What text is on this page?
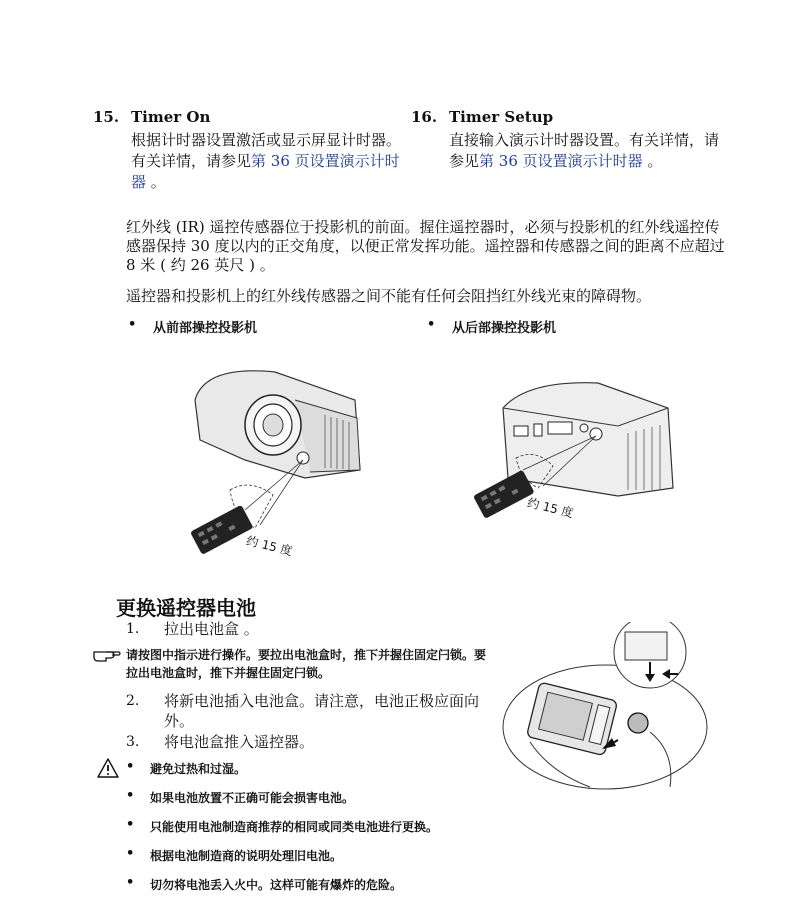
15. Timer On
根据计时器设置激活或显示屏显计时器。有关详情，请参见第 36 页设置演示计时器 。
16. Timer Setup
直接输入演示计时器设置。有关详情，请参见第 36 页设置演示计时器 。
红外线 (IR) 遥控传感器位于投影机的前面。握住遥控器时，必须与投影机的红外线遥控传感器保持 30 度以内的正交角度，以便正常发挥功能。遥控器和传感器之间的距离不应超过 8 米 ( 约 26 英尺 ) 。
遥控器和投影机上的红外线传感器之间不能有任何会阻挡红外线光束的障碍物。
• 从前部操控投影机	• 从后部操控投影机
约 15 度
约 15 度
更换遥控器电池
1. 拉出电池盒 。
请按图中指示进行操作。要拉出电池盒时，推下并握住固定闩锁。要拉出电池盒时，推下并握住固定闩锁。
2. 将新电池插入电池盒。请注意，电池正极应面向外。
3. 将电池盒推入遥控器。
• 避免过热和过湿。
• 如果电池放置不正确可能会损害电池。
• 只能使用电池制造商推荐的相同或同类电池进行更换。
• 根据电池制造商的说明处理旧电池。
• 切勿将电池丢入火中。这样可能有爆炸的危险。
